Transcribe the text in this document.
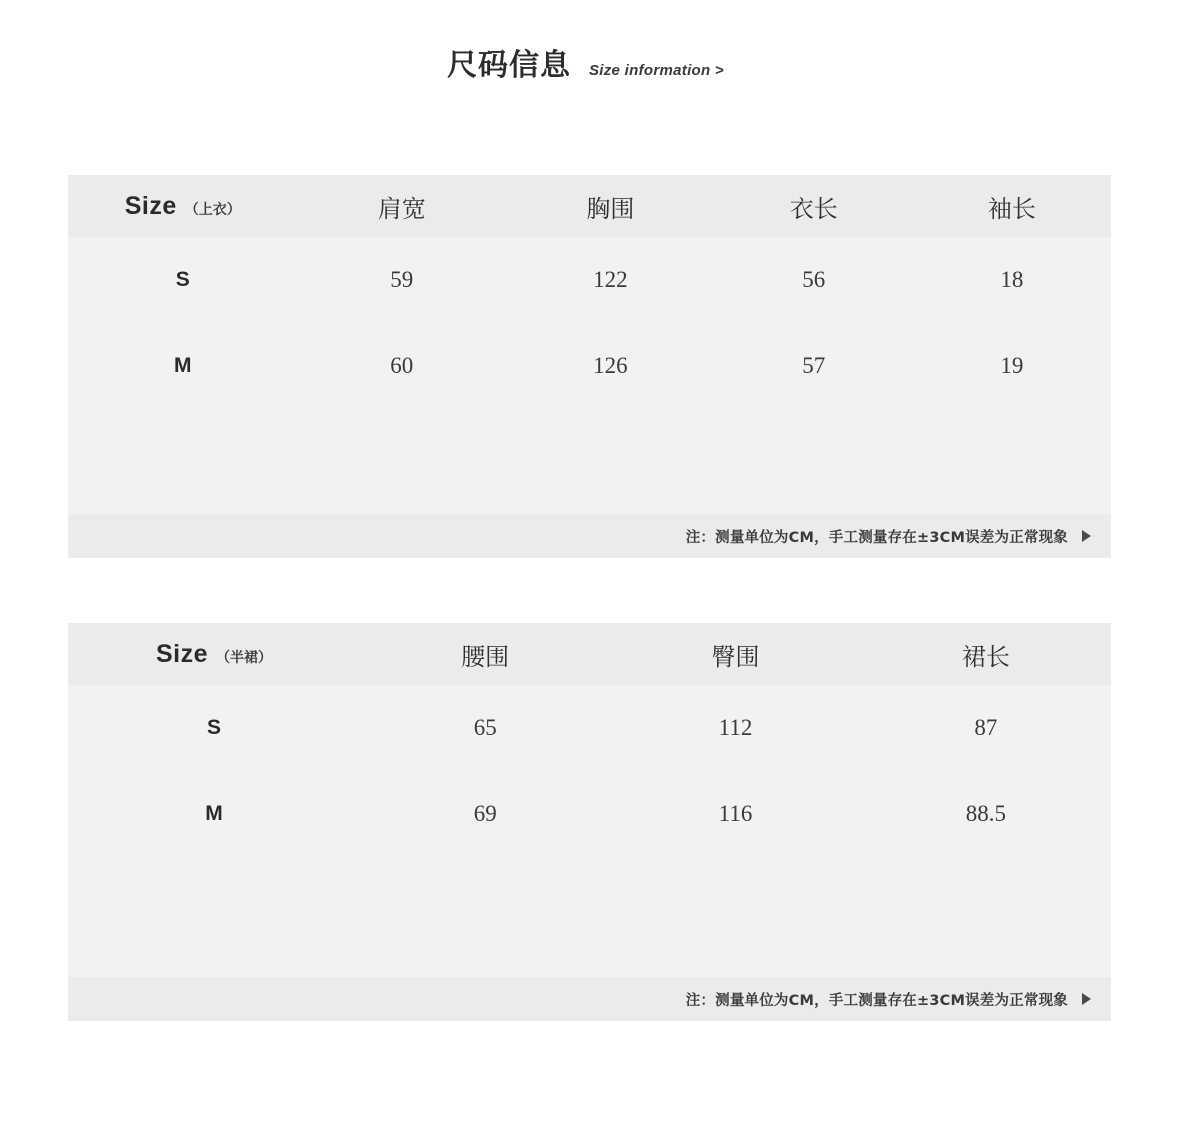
尺码信息 Size information >
Size （上衣）	肩宽	胸围	衣长	袖长
S	59	122	56	18
M	60	126	57	19

注：测量单位为CM，手工测量存在±3CM误差为正常现象
Size （半裙）	腰围	臀围	裙长
S	65	112	87
M	69	116	88.5

注：测量单位为CM，手工测量存在±3CM误差为正常现象
